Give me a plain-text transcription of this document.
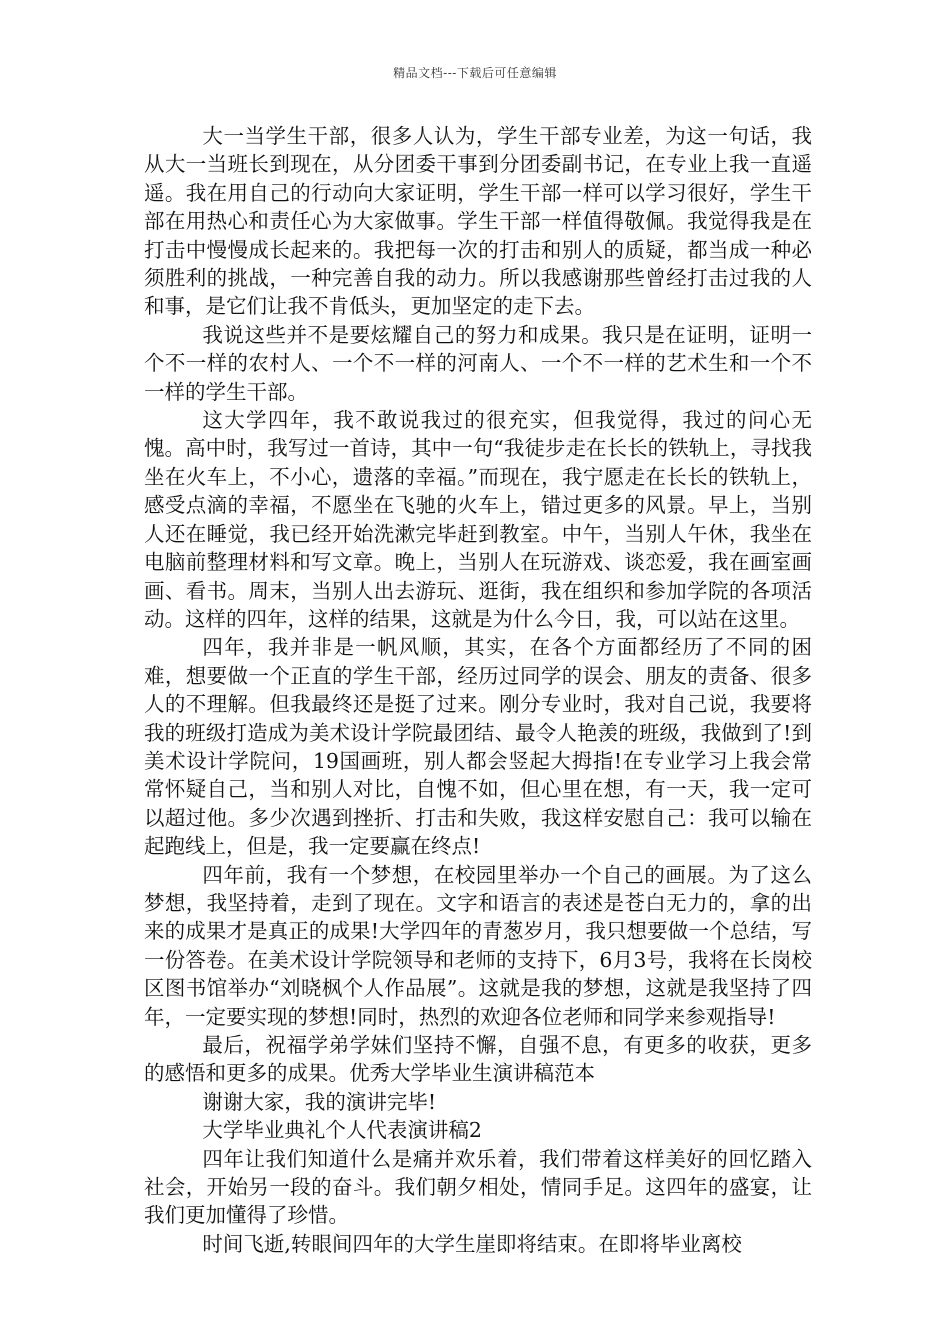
精品文档---下载后可任意编辑

大一当学生干部，很多人认为，学生干部专业差，为这一句话，我从大一当班长到现在，从分团委干事到分团委副书记，在专业上我一直遥遥。我在用自己的行动向大家证明，学生干部一样可以学习很好，学生干部在用热心和责任心为大家做事。学生干部一样值得敬佩。我觉得我是在打击中慢慢成长起来的。我把每一次的打击和别人的质疑，都当成一种必须胜利的挑战，一种完善自我的动力。所以我感谢那些曾经打击过我的人和事，是它们让我不肯低头，更加坚定的走下去。

我说这些并不是要炫耀自己的努力和成果。我只是在证明，证明一个不一样的农村人、一个不一样的河南人、一个不一样的艺术生和一个不一样的学生干部。

这大学四年，我不敢说我过的很充实，但我觉得，我过的问心无愧。高中时，我写过一首诗，其中一句“我徒步走在长长的铁轨上，寻找我坐在火车上，不小心，遗落的幸福。”而现在，我宁愿走在长长的铁轨上，感受点滴的幸福，不愿坐在飞驰的火车上，错过更多的风景。早上，当别人还在睡觉，我已经开始洗漱完毕赶到教室。中午，当别人午休，我坐在电脑前整理材料和写文章。晚上，当别人在玩游戏、谈恋爱，我在画室画画、看书。周末，当别人出去游玩、逛街，我在组织和参加学院的各项活动。这样的四年，这样的结果，这就是为什么今日，我，可以站在这里。

四年，我并非是一帆风顺，其实，在各个方面都经历了不同的困难，想要做一个正直的学生干部，经历过同学的误会、朋友的责备、很多人的不理解。但我最终还是挺了过来。刚分专业时，我对自己说，我要将我的班级打造成为美术设计学院最团结、最令人艳羡的班级，我做到了!到美术设计学院问，19国画班，别人都会竖起大拇指!在专业学习上我会常常怀疑自己，当和别人对比，自愧不如，但心里在想，有一天，我一定可以超过他。多少次遇到挫折、打击和失败，我这样安慰自己：我可以输在起跑线上，但是，我一定要赢在终点!

四年前，我有一个梦想，在校园里举办一个自己的画展。为了这么梦想，我坚持着，走到了现在。文字和语言的表述是苍白无力的，拿的出来的成果才是真正的成果!大学四年的青葱岁月，我只想要做一个总结，写一份答卷。在美术设计学院领导和老师的支持下，6月3号，我将在长岗校区图书馆举办“刘晓枫个人作品展”。这就是我的梦想，这就是我坚持了四年，一定要实现的梦想!同时，热烈的欢迎各位老师和同学来参观指导!

最后，祝福学弟学妹们坚持不懈，自强不息，有更多的收获，更多的感悟和更多的成果。优秀大学毕业生演讲稿范本

谢谢大家，我的演讲完毕!

大学毕业典礼个人代表演讲稿2

四年让我们知道什么是痛并欢乐着，我们带着这样美好的回忆踏入社会，开始另一段的奋斗。我们朝夕相处，情同手足。这四年的盛宴，让我们更加懂得了珍惜。

时间飞逝,转眼间四年的大学生崖即将结束。在即将毕业离校
